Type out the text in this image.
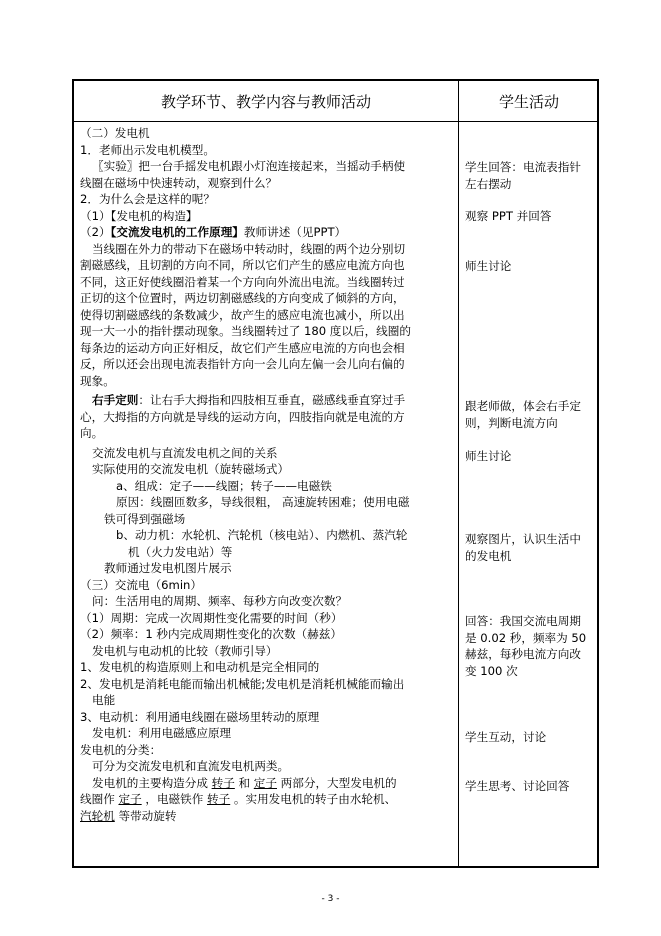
教学环节、教学内容与教师活动	学生活动
（二）发电机
1．老师出示发电机模型。
〖实验〗把一台手摇发电机跟小灯泡连接起来，当摇动手柄使
线圈在磁场中快速转动，观察到什么？
2．为什么会是这样的呢？
（1）【发电机的构造】
（2）【交流发电机的工作原理】教师讲述（见PPT）
当线圈在外力的带动下在磁场中转动时，线圈的两个边分别切
割磁感线，且切割的方向不同，所以它们产生的感应电流方向也
不同，这正好使线圈沿着某一个方向向外流出电流。当线圈转过
正切的这个位置时，两边切割磁感线的方向变成了倾斜的方向，
使得切割磁感线的条数减少，故产生的感应电流也减小，所以出
现一大一小的指针摆动现象。当线圈转过了 180 度以后，线圈的
每条边的运动方向正好相反，故它们产生感应电流的方向也会相
反，所以还会出现电流表指针方向一会儿向左偏一会儿向右偏的
现象。
右手定则：让右手大拇指和四肢相互垂直，磁感线垂直穿过手
心，大拇指的方向就是导线的运动方向，四肢指向就是电流的方
向。
交流发电机与直流发电机之间的关系
实际使用的交流发电机（旋转磁场式）
a、组成：定子——线圈；转子——电磁铁
原因：线圈匝数多，导线很粗， 高速旋转困难；使用电磁
铁可得到强磁场
b、动力机：水轮机、汽轮机（核电站）、内燃机、蒸汽轮
机（火力发电站）等
教师通过发电机图片展示
（三）交流电（6min）
问：生活用电的周期、频率、每秒方向改变次数？
（1）周期：完成一次周期性变化需要的时间（秒）
（2）频率：1 秒内完成周期性变化的次数（赫兹）
发电机与电动机的比较（教师引导）
1、发电机的构造原则上和电动机是完全相同的
2、发电机是消耗电能而输出机械能;发电机是消耗机械能而输出
电能
3、电动机：利用通电线圈在磁场里转动的原理
发电机：利用电磁感应原理
发电机的分类：
可分为交流发电机和直流发电机两类。
发电机的主要构造分成 转子 和 定子 两部分，大型发电机的
线圈作 定子 ，电磁铁作 转子 。实用发电机的转子由水轮机、
汽轮机 等带动旋转
学生回答：电流表指针
左右摆动
观察 PPT 并回答
师生讨论
跟老师做，体会右手定
则，判断电流方向
师生讨论
观察图片，认识生活中
的发电机
回答：我国交流电周期
是 0.02 秒，频率为 50
赫兹，每秒电流方向改
变 100 次
学生互动，讨论
学生思考、讨论回答
- 3 -
